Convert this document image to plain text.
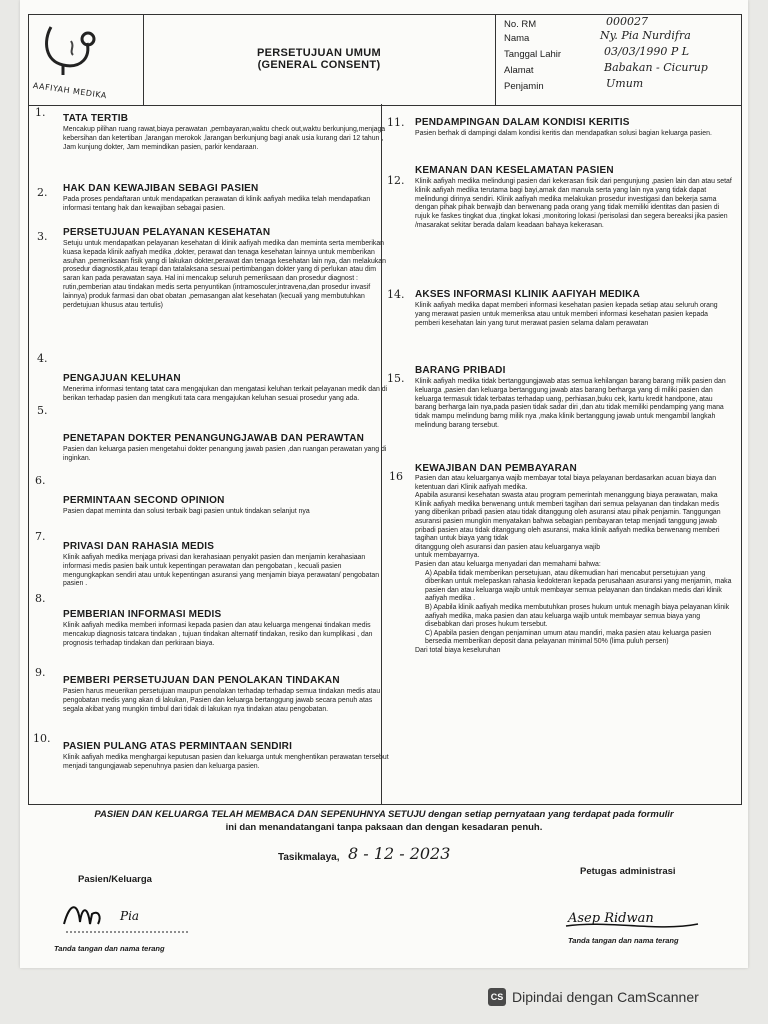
AAFIYAH MEDIKA
PERSETUJUAN UMUM
(GENERAL CONSENT)
No. RM	000027
Nama	Ny. Pia Nurdifra
Tanggal Lahir	03/03/1990 P L
Alamat	Babakan - Cicurup
Penjamin	Umum
1.
2.
3.
4.
5.
6.
7.
8.
9.
10.
TATA TERTIB
Mencakup pilihan ruang rawat,biaya perawatan ,pembayaran,waktu check out,waktu berkunjung,menjaga kebersihan dan ketertiban ,larangan merokok ,larangan berkunjung bagi anak usia kurang dari 12 tahun , Jam kunjung dokter, Jam memindikan pasien, parkir kendaraan.
HAK DAN KEWAJIBAN SEBAGI PASIEN
Pada proses pendaftaran untuk mendapatkan perawatan di klinik aafiyah medika telah mendapatkan informasi tentang hak dan kewajiban sebagai pasien.
PERSETUJUAN PELAYANAN KESEHATAN
Setuju untuk mendapatkan pelayanan kesehatan di klinik aafiyah medika dan meminta serta memberikan kuasa kepada klinik aafiyah medika ,dokter, perawat dan tenaga kesehatan lainnya untuk memberikan asuhan ,pemeriksaan fisik yang di lakukan dokter,perawat dan tenaga kesehatan lain nya, dan melakukan prosedur diagnostik,atau terapi dan tatalaksana sesuai pertimbangan dokter yang di perlukan atau dim saran kan pada perawatan saya. Hal ini mencakup seluruh pemeriksaan dan prosedur diagnost : rutin,pemberian atau tindakan medis serta penyuntikan (intramosculer,intravena,dan prosedur invasif lainnya) produk farmasi dan obat obatan ,pemasangan alat kesehatan (kecuali yang membutuhkan perdetujuan khusus atau tertulis)
PENGAJUAN KELUHAN
Menerima informasi tentang tatat cara mengajukan dan mengatasi keluhan terkait pelayanan medik dan di berikan terhadap pasien dan mengikuti tata cara mengajukan keluhan sesuai prosedur yang ada.
PENETAPAN DOKTER PENANGUNGJAWAB DAN PERAWTAN
Pasien dan keluarga pasien mengetahui dokter penangung jawab pasien ,dan ruangan perawatan yang di inginkan.
PERMINTAAN SECOND OPINION
Pasien dapat meminta dan solusi terbaik bagi pasien untuk tindakan selanjut nya
PRIVASI DAN RAHASIA MEDIS
Klinik aafiyah medika menjaga privasi dan kerahasiaan penyakit pasien dan menjamin kerahasiaan informasi medis pasien baik untuk kepentingan perawatan dan pengobatan , kecuali pasien mengungkapkan sendiri atau untuk kepentingan asuransi yang menjamin biaya perawatan/ pengobatan pasien .
PEMBERIAN INFORMASI MEDIS
Klinik aafiyah medika memberi informasi kepada pasien dan atau keluarga mengenai tindakan medis mencakup diagnosis tatcara tindakan , tujuan tindakan alternatif tindakan, resiko dan kumplikasi , dan prognosis terhadap tindakan dan perkiraan biaya.
PEMBERI PERSETUJUAN DAN PENOLAKAN TINDAKAN
Pasien harus meuerikan persetujuan maupun penolakan terhadap terhadap semua tindakan medis atau pengobatan medis yang akan di lakukan, Pasien dan keluarga bertanggung jawab secara penuh atas segala akibat yang mungkin timbul dari tidak di lakukan nya tindakan atau pengobatan.
PASIEN PULANG ATAS PERMINTAAN SENDIRI
Klinik aafiyah medika menghargai keputusan pasien dan keluarga untuk menghentikan perawatan tersebut menjadi tangungjawab sepenuhnya pasien dan keluarga pasien.
11.
12.
14.
15.
16
PENDAMPINGAN DALAM KONDISI KERITIS
Pasien berhak di dampingi dalam kondisi keritis dan mendapatkan solusi bagian keluarga pasien.
KEMANAN DAN KESELAMATAN PASIEN
Klinik aafiyah medika melindungi pasien dari kekerasan fisik dari pengunjung ,pasien lain dan atau setaf klinik aafiyah medika terutama bagi bayi,amak dan manula serta yang lain nya yang tidak dapat melindungi dirinya sendiri. Klinik aafiyah medika melakukan prosedur investigasi dan bekerja sama dengan pihak pihak berwajib dan berwenang pada orang yang tidak memiliki identitas dan pasien di rujuk ke faskes tingkat dua ,tingkat lokasi ,monitoring lokasi /perisolasi dan segera bereaksi jika pasien /masarakat sekitar berada dalam keadaan bahaya kekerasan.
AKSES INFORMASI KLINIK AAFIYAH MEDIKA
Klinik aafiyah medika dapat memberi informasi kesehatan pasien kepada setiap atau seluruh orang yang merawat pasien untuk memeriksa atau untuk memberi informasi kesehatan pasien kepada pemberi kesehatan lain yang turut merawat pasien selama dalam perawatan
BARANG PRIBADI
Klinik aafiyah medika tidak bertanggungjawab atas semua kehilangan barang barang milik pasien dan keluarga ,pasien dan keluarga bertanggung jawab atas barang berharga yang di miliki pasien dan keluarga termasuk tidak terbatas terhadap uang, perhiasan,buku cek, kartu kredit handpone, atau barang berharga lain nya,pada pasien tidak sadar diri ,dan atu tidak memiliki pendamping yang mana tidak mampu melindung barng milik nya ,maka klinik bertanggung jawab untuk mengambil langkah melindung barang tersebut.
KEWAJIBAN DAN PEMBAYARAN
Pasien dan atau keluarganya wajib membayar total biaya pelayanan berdasarkan acuan biaya dan ketentuan dari Klinik aafiyah medika.
Apabila asuransi kesehatan swasta atau program pemerintah menanggung biaya perawatan, maka Klinik aafiyah medika berwenang untuk memberi tagihan dari semua pelayanan dan tindakan medis yang diberikan pribadi pasien atau tidak ditanggung oleh asuransi atau pihak penjamin. Tanggungan asuransi pasien mungkin menyatakan bahwa sebagian pembayaran tetap menjadi tanggung jawab pribadi pasien atau tidak ditanggung oleh asuransi, maka klinik aafiyah medika berwenang memberi tagihan untuk biaya yang tidak
ditanggung oleh asuransi dan pasien atau keluarganya wajib
untuk membayarnya.
Pasien dan atau keluarga menyadari dan memahami bahwa:
A) Apabila tidak memberikan persetujuan, atau dikemudian hari mencabut persetujuan yang diberikan untuk melepaskan rahasia kedokteran kepada perusahaan asuransi yang menjamin, maka pasien dan atau keluarga wajib untuk membayar semua pelayanan dan tindakan medis dari klinik aafiyah medika .
B) Apabila klinik aafiyah medika membutuhkan proses hukum untuk menagih biaya pelayanan klinik aafiyah medika, maka pasien dan atau keluarga wajib untuk membayar semua biaya yang disebabkan dari proses hukum tersebut.
C) Apabila pasien dengan penjaminan umum atau mandiri, maka pasien atau keluarga pasien bersedia memberikan deposit dana pelayanan minimal 50% (lima puluh persen)
Dari total biaya keseluruhan
PASIEN DAN KELUARGA TELAH MEMBACA DAN SEPENUHNYA SETUJU dengan setiap pernyataan yang terdapat pada formulir
ini dan menandatangani tanpa paksaan dan dengan kesadaran penuh.
Tasikmalaya, 8 - 12 - 2023
Pasien/Keluarga
Petugas administrasi
Pia
Tanda tangan dan nama terang
Asep Ridwan
Tanda tangan dan nama terang
CS Dipindai dengan CamScanner
